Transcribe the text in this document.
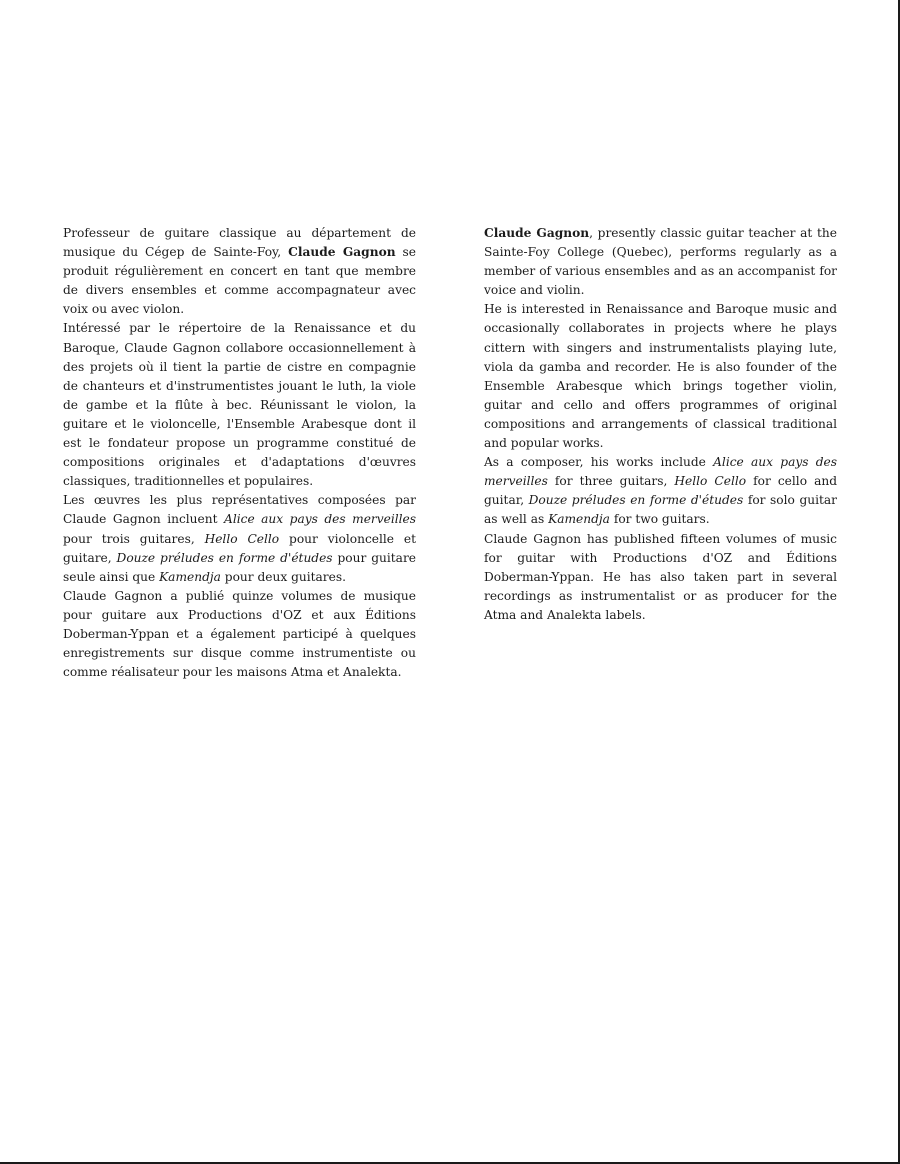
Professeur de guitare classique au département de musique du Cégep de Sainte-Foy, Claude Gagnon se produit régulièrement en concert en tant que membre de divers ensembles et comme accompagnateur avec voix ou avec violon.

Intéressé par le répertoire de la Renaissance et du Baroque, Claude Gagnon collabore occasionnellement à des projets où il tient la partie de cistre en compagnie de chanteurs et d'instrumentistes jouant le luth, la viole de gambe et la flûte à bec. Réunissant le violon, la guitare et le violoncelle, l'Ensemble Arabesque dont il est le fondateur propose un programme constitué de compositions originales et d'adaptations d'œuvres classiques, traditionnelles et populaires.

Les œuvres les plus représentatives composées par Claude Gagnon incluent Alice aux pays des merveilles pour trois guitares, Hello Cello pour violoncelle et guitare, Douze préludes en forme d'études pour guitare seule ainsi que Kamendja pour deux guitares.

Claude Gagnon a publié quinze volumes de musique pour guitare aux Productions d'OZ et aux Éditions Doberman-Yppan et a également participé à quelques enregistrements sur disque comme instrumentiste ou comme réalisateur pour les maisons Atma et Analekta.

Claude Gagnon, presently classic guitar teacher at the Sainte-Foy College (Quebec), performs regularly as a member of various ensembles and as an accompanist for voice and violin.

He is interested in Renaissance and Baroque music and occasionally collaborates in projects where he plays cittern with singers and instrumentalists playing lute, viola da gamba and recorder. He is also founder of the Ensemble Arabesque which brings together violin, guitar and cello and offers programmes of original compositions and arrangements of classical traditional and popular works.

As a composer, his works include Alice aux pays des merveilles for three guitars, Hello Cello for cello and guitar, Douze préludes en forme d'études for solo guitar as well as Kamendja for two guitars.

Claude Gagnon has published fifteen volumes of music for guitar with Productions d'OZ and Éditions Doberman-Yppan. He has also taken part in several recordings as instrumentalist or as producer for the Atma and Analekta labels.
